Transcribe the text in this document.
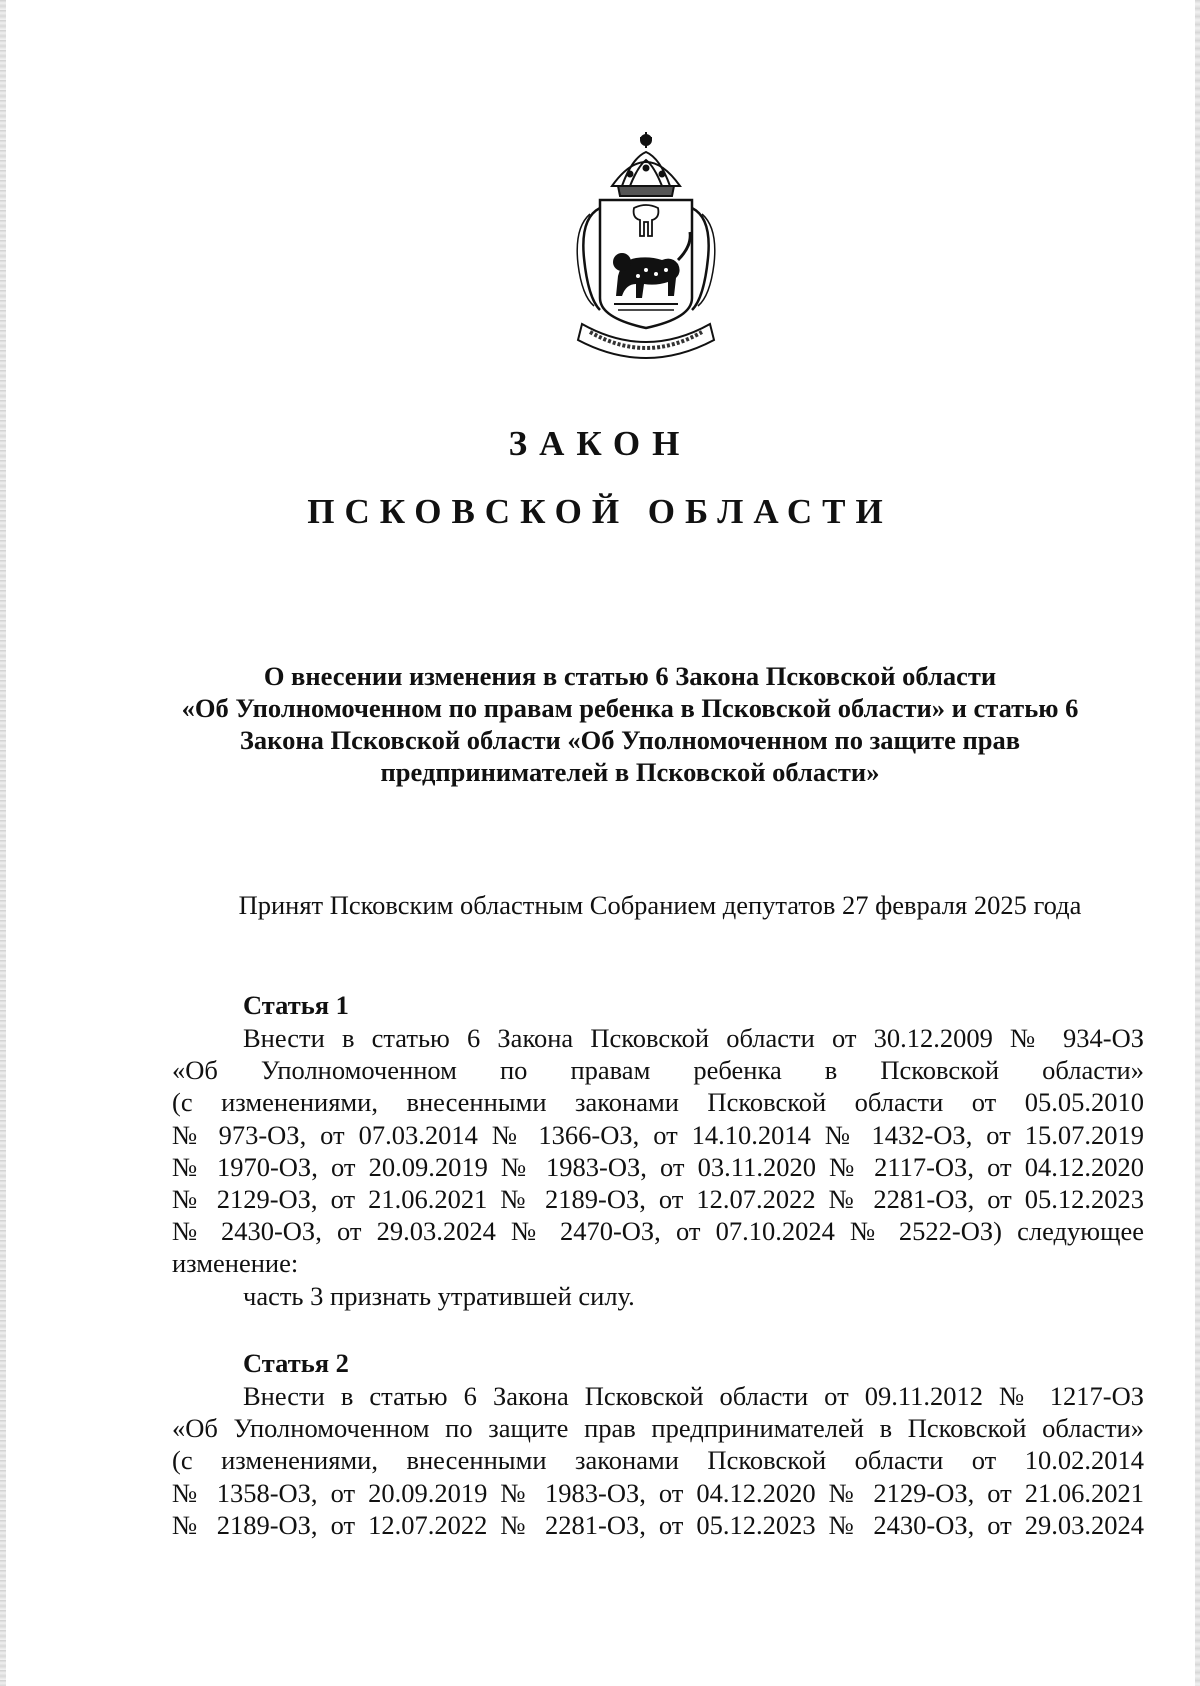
ЗАКОН
ПСКОВСКОЙ ОБЛАСТИ
О внесении изменения в статью 6 Закона Псковской области
«Об Уполномоченном по правам ребенка в Псковской области» и статью 6
Закона Псковской области «Об Уполномоченном по защите прав
предпринимателей в Псковской области»

Принят Псковским областным Собранием депутатов 27 февраля 2025 года

Статья 1
Внести в статью 6 Закона Псковской области от 30.12.2009 № 934-ОЗ
«Об Уполномоченном по правам ребенка в Псковской области»
(с изменениями, внесенными законами Псковской области от 05.05.2010
№ 973-ОЗ, от 07.03.2014 № 1366-ОЗ, от 14.10.2014 № 1432-ОЗ, от 15.07.2019
№ 1970-ОЗ, от 20.09.2019 № 1983-ОЗ, от 03.11.2020 № 2117-ОЗ, от 04.12.2020
№ 2129-ОЗ, от 21.06.2021 № 2189-ОЗ, от 12.07.2022 № 2281-ОЗ, от 05.12.2023
№ 2430-ОЗ, от 29.03.2024 № 2470-ОЗ, от 07.10.2024 № 2522-ОЗ) следующее
изменение:
часть 3 признать утратившей силу.
Статья 2
Внести в статью 6 Закона Псковской области от 09.11.2012 № 1217-ОЗ
«Об Уполномоченном по защите прав предпринимателей в Псковской области»
(с изменениями, внесенными законами Псковской области от 10.02.2014
№ 1358-ОЗ, от 20.09.2019 № 1983-ОЗ, от 04.12.2020 № 2129-ОЗ, от 21.06.2021
№ 2189-ОЗ, от 12.07.2022 № 2281-ОЗ, от 05.12.2023 № 2430-ОЗ, от 29.03.2024
